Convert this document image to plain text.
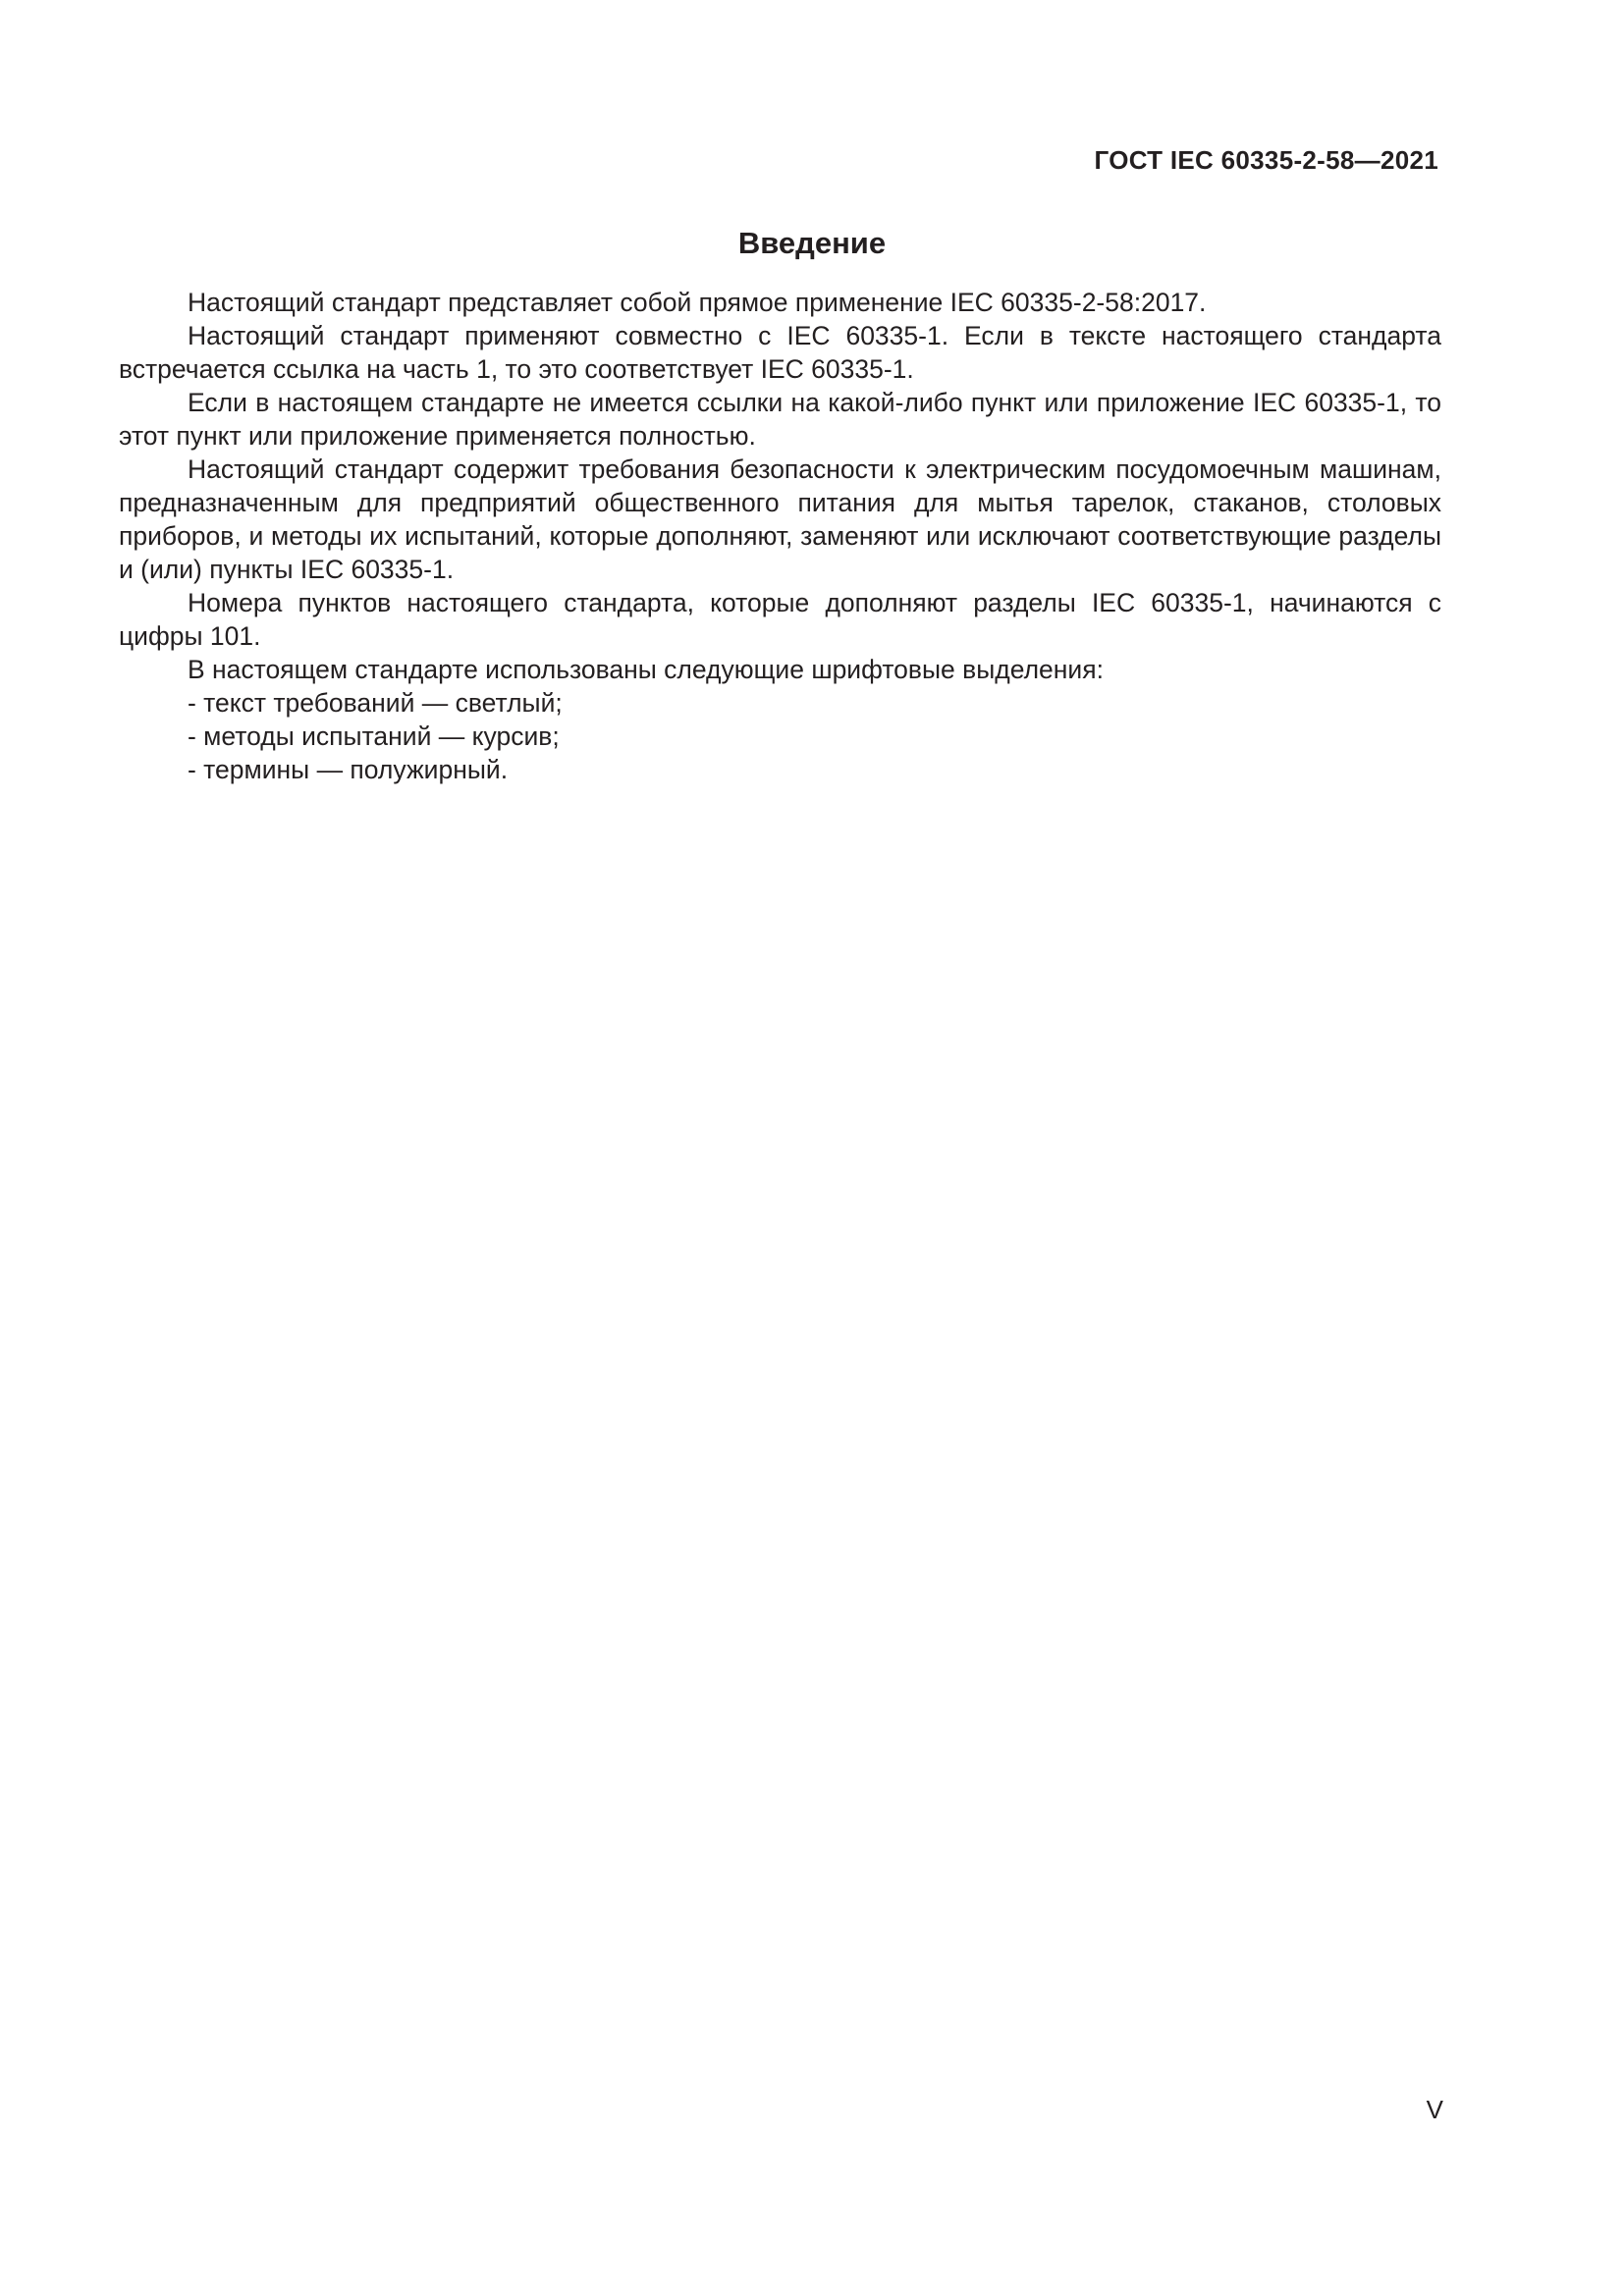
ГОСТ IEC 60335-2-58—2021
Введение

Настоящий стандарт представляет собой прямое применение IEC 60335-2-58:2017.

Настоящий стандарт применяют совместно с IEC 60335-1. Если в тексте настоящего стандарта встречается ссылка на часть 1, то это соответствует IEC 60335-1.

Если в настоящем стандарте не имеется ссылки на какой-либо пункт или приложение IEC 60335-1, то этот пункт или приложение применяется полностью.

Настоящий стандарт содержит требования безопасности к электрическим посудомоечным машинам, предназначенным для предприятий общественного питания для мытья тарелок, стаканов, столовых приборов, и методы их испытаний, которые дополняют, заменяют или исключают соответствующие разделы и (или) пункты IEC 60335-1.

Номера пунктов настоящего стандарта, которые дополняют разделы IEC 60335-1, начинаются с цифры 101.

В настоящем стандарте использованы следующие шрифтовые выделения:

- текст требований — светлый;
- методы испытаний — курсив;
- термины — полужирный.
V
